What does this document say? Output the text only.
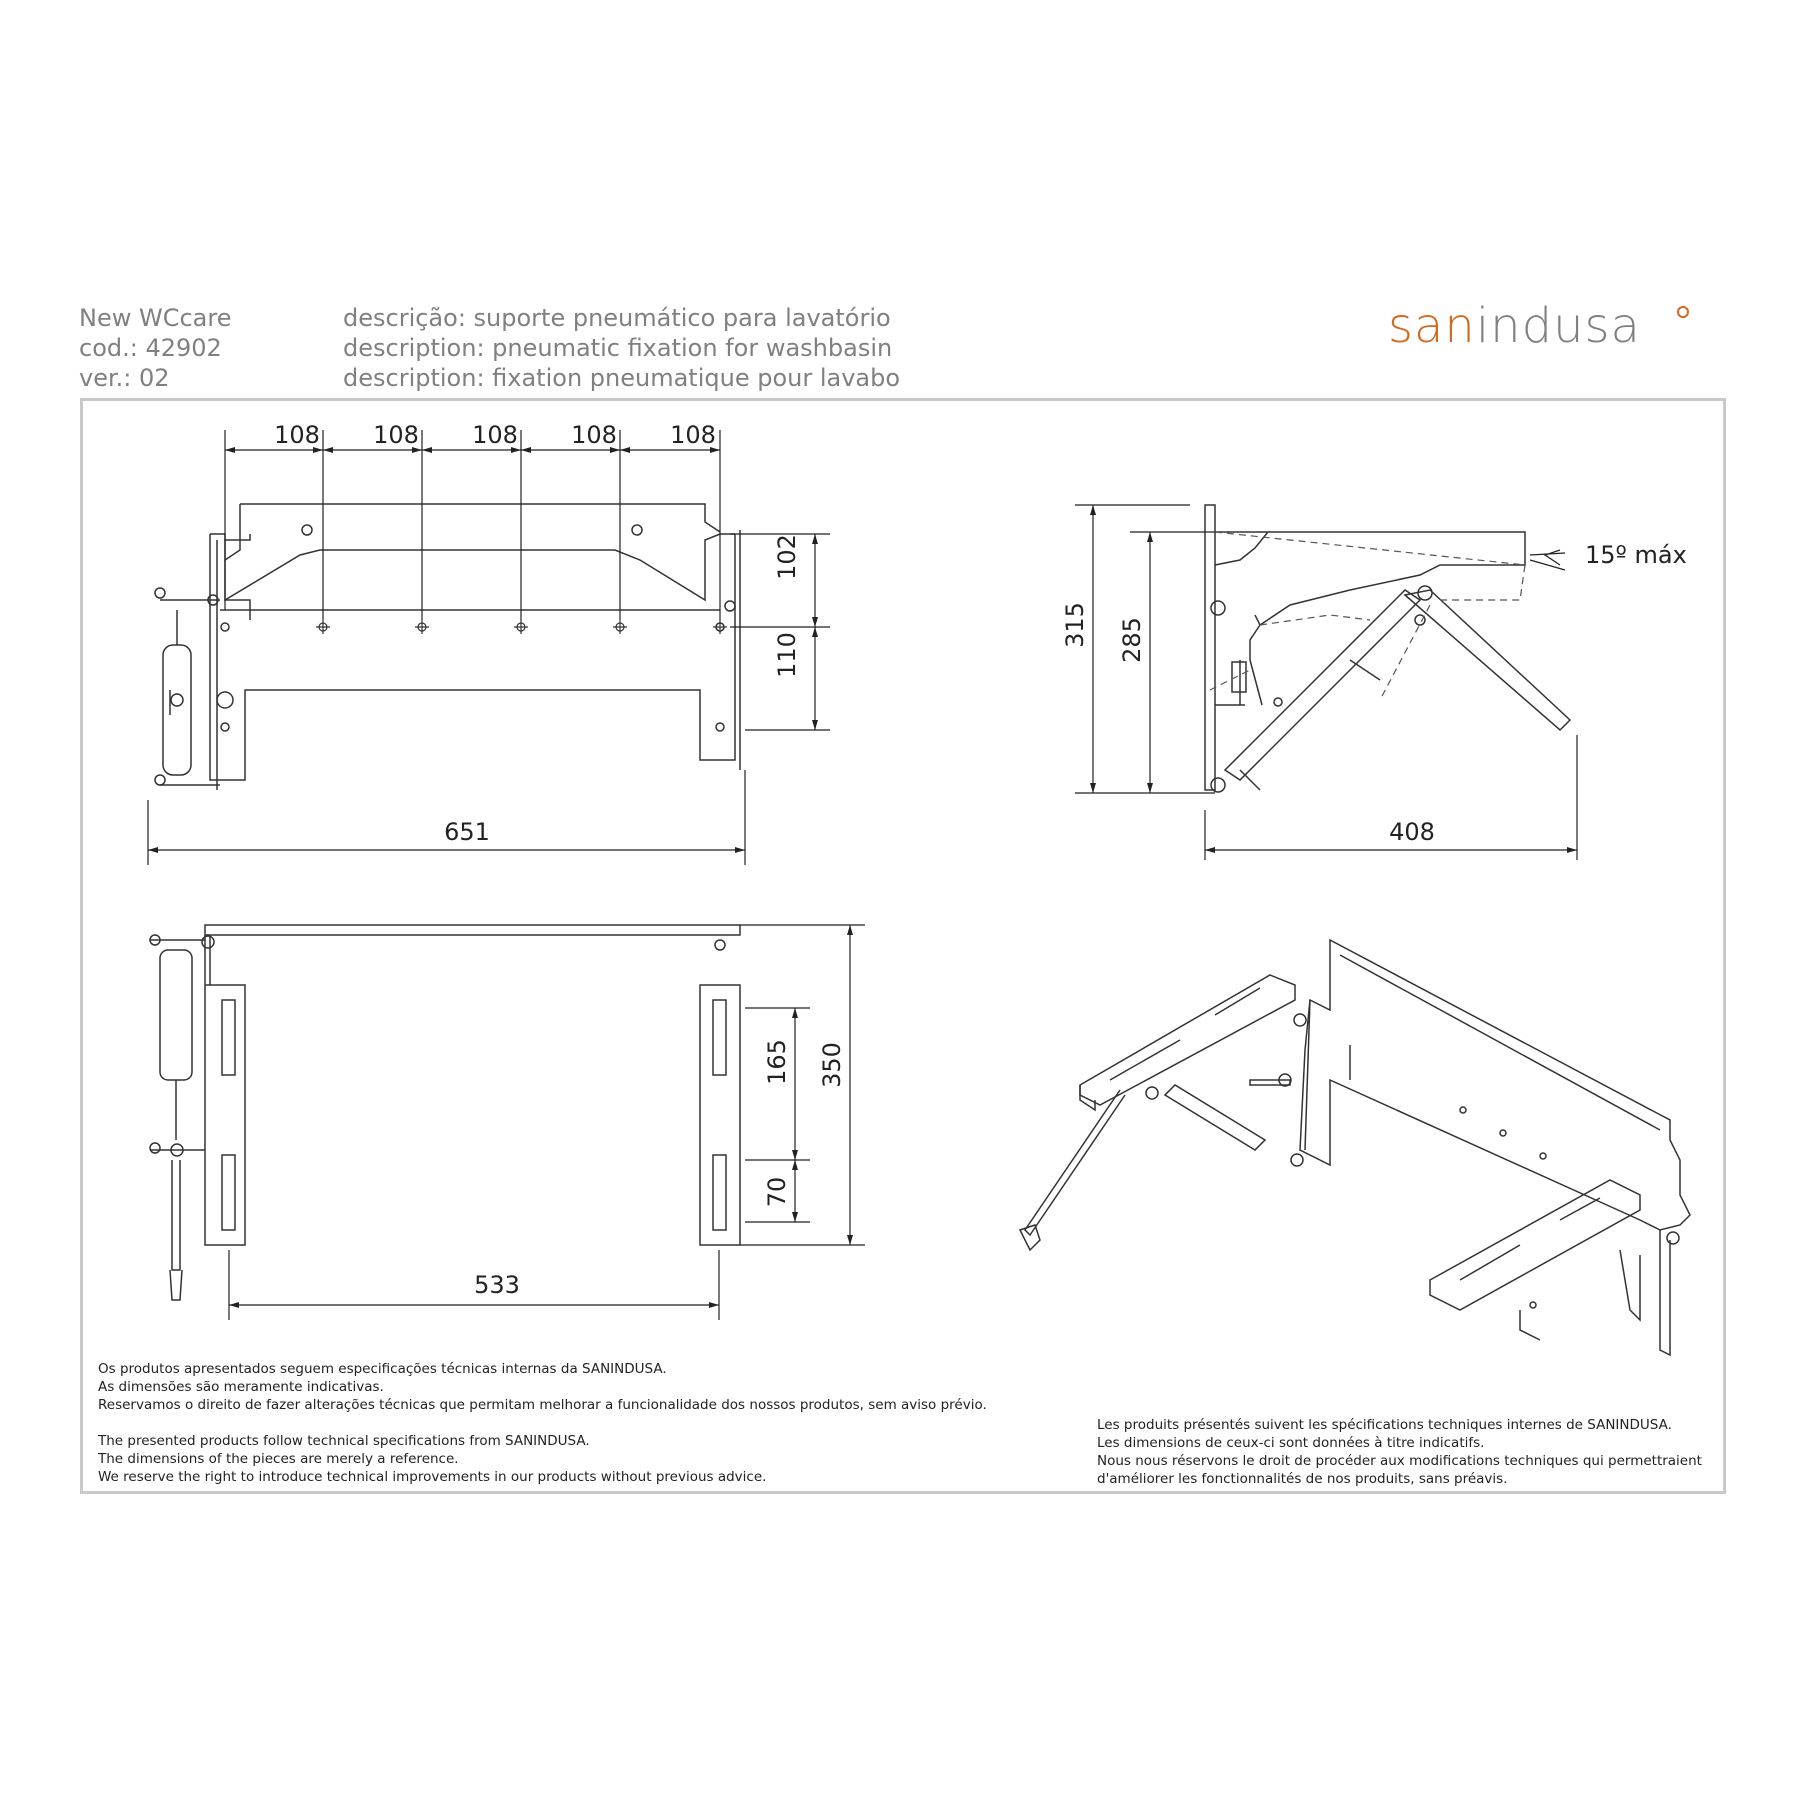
New WCcare
cod.: 42902
ver.: 02
descrição: suporte pneumático para lavatório
description: pneumatic fixation for washbasin
description: fixation pneumatique pour lavabo
sanindusa
108 108 108 108 108
102
110
651
315 285
15º máx
408
165
70
350
533
Os produtos apresentados seguem especificações técnicas internas da SANINDUSA.
As dimensões são meramente indicativas.
Reservamos o direito de fazer alterações técnicas que permitam melhorar a funcionalidade dos nossos produtos, sem aviso prévio.
The presented products follow technical specifications from SANINDUSA.
The dimensions of the pieces are merely a reference.
We reserve the right to introduce technical improvements in our products without previous advice.
Les produits présentés suivent les spécifications techniques internes de SANINDUSA.
Les dimensions de ceux-ci sont données à titre indicatifs.
Nous nous réservons le droit de procéder aux modifications techniques qui permettraient
d'améliorer les fonctionnalités de nos produits, sans préavis.
